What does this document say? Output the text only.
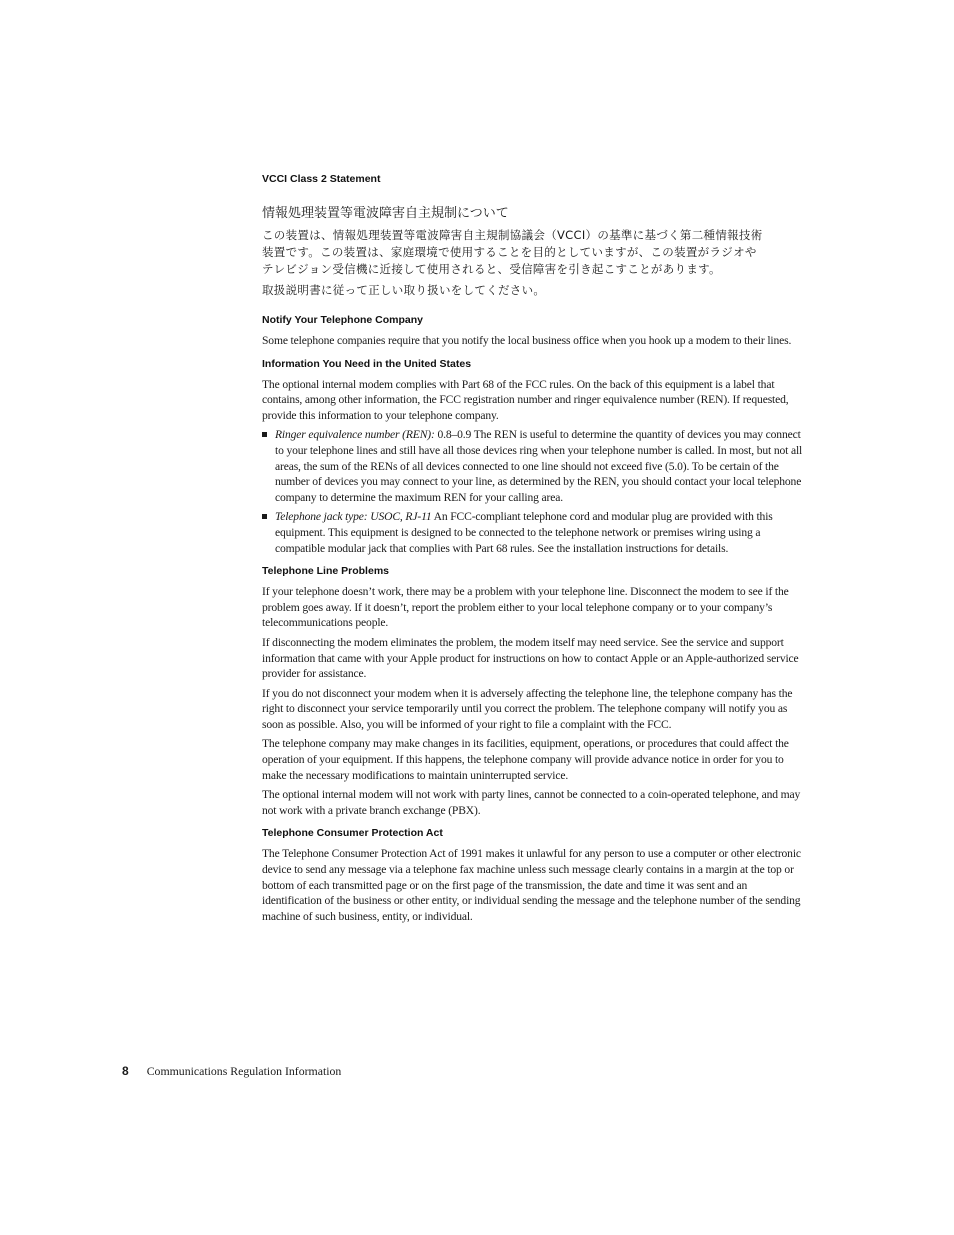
VCCI Class 2 Statement

情報処理装置等電波障害自主規制について

この装置は、情報処理装置等電波障害自主規制協議会（VCCI）の基準に基づく第二種情報技術

装置です。この装置は、家庭環境で使用することを目的としていますが、この装置がラジオや

テレビジョン受信機に近接して使用されると、受信障害を引き起こすことがあります。

取扱説明書に従って正しい取り扱いをしてください。

Notify Your Telephone Company

Some telephone companies require that you notify the local business office when you hook up a modem to their lines.

Information You Need in the United States

The optional internal modem complies with Part 68 of the FCC rules. On the back of this equipment is a label that contains, among other information, the FCC registration number and ringer equivalence number (REN). If requested, provide this information to your telephone company.

Ringer equivalence number (REN): 0.8–0.9 The REN is useful to determine the quantity of devices you may connect to your telephone lines and still have all those devices ring when your telephone number is called. In most, but not all areas, the sum of the RENs of all devices connected to one line should not exceed five (5.0). To be certain of the number of devices you may connect to your line, as determined by the REN, you should contact your local telephone company to determine the maximum REN for your calling area.
Telephone jack type: USOC, RJ-11 An FCC-compliant telephone cord and modular plug are provided with this equipment. This equipment is designed to be connected to the telephone network or premises wiring using a compatible modular jack that complies with Part 68 rules. See the installation instructions for details.
Telephone Line Problems

If your telephone doesn’t work, there may be a problem with your telephone line. Disconnect the modem to see if the problem goes away. If it doesn’t, report the problem either to your local telephone company or to your company’s telecommunications people.

If disconnecting the modem eliminates the problem, the modem itself may need service. See the service and support information that came with your Apple product for instructions on how to contact Apple or an Apple-authorized service provider for assistance.

If you do not disconnect your modem when it is adversely affecting the telephone line, the telephone company has the right to disconnect your service temporarily until you correct the problem. The telephone company will notify you as soon as possible. Also, you will be informed of your right to file a complaint with the FCC.

The telephone company may make changes in its facilities, equipment, operations, or procedures that could affect the operation of your equipment. If this happens, the telephone company will provide advance notice in order for you to make the necessary modifications to maintain uninterrupted service.

The optional internal modem will not work with party lines, cannot be connected to a coin-operated telephone, and may not work with a private branch exchange (PBX).

Telephone Consumer Protection Act

The Telephone Consumer Protection Act of 1991 makes it unlawful for any person to use a computer or other electronic device to send any message via a telephone fax machine unless such message clearly contains in a margin at the top or bottom of each transmitted page or on the first page of the transmission, the date and time it was sent and an identification of the business or other entity, or individual sending the message and the telephone number of the sending machine of such business, entity, or individual.

8 Communications Regulation Information
